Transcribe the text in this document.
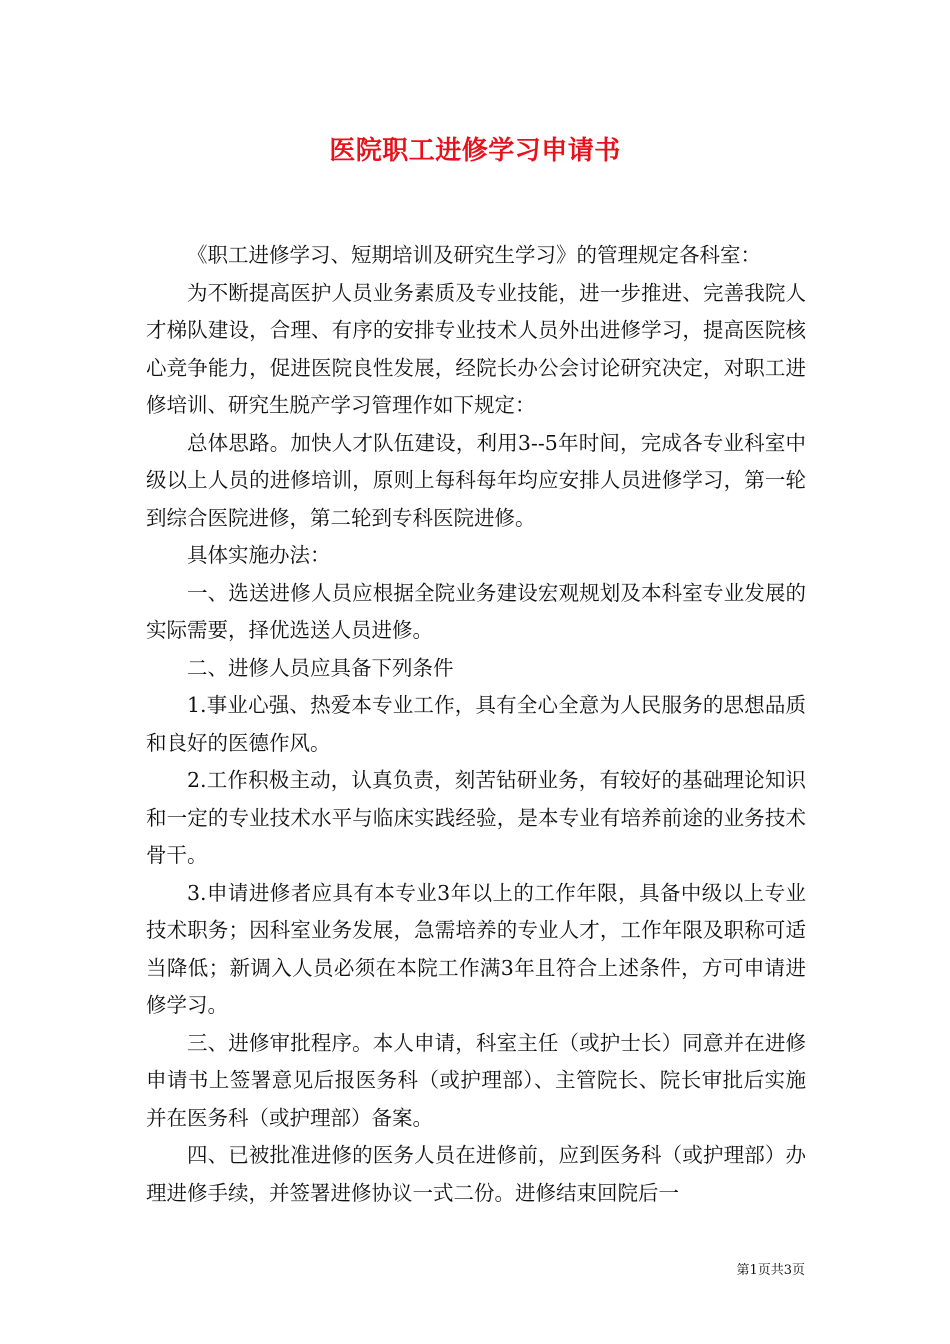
医院职工进修学习申请书

《职工进修学习、短期培训及研究生学习》的管理规定各科室：

为不断提高医护人员业务素质及专业技能，进一步推进、完善我院人才梯队建设，合理、有序的安排专业技术人员外出进修学习，提高医院核心竞争能力，促进医院良性发展，经院长办公会讨论研究决定，对职工进修培训、研究生脱产学习管理作如下规定：

总体思路。加快人才队伍建设，利用3--5年时间，完成各专业科室中级以上人员的进修培训，原则上每科每年均应安排人员进修学习，第一轮到综合医院进修，第二轮到专科医院进修。

具体实施办法：

一、选送进修人员应根据全院业务建设宏观规划及本科室专业发展的实际需要，择优选送人员进修。

二、进修人员应具备下列条件

1.事业心强、热爱本专业工作，具有全心全意为人民服务的思想品质和良好的医德作风。

2.工作积极主动，认真负责，刻苦钻研业务，有较好的基础理论知识和一定的专业技术水平与临床实践经验，是本专业有培养前途的业务技术骨干。

3.申请进修者应具有本专业3年以上的工作年限，具备中级以上专业技术职务；因科室业务发展，急需培养的专业人才，工作年限及职称可适当降低；新调入人员必须在本院工作满3年且符合上述条件，方可申请进修学习。

三、进修审批程序。本人申请，科室主任（或护士长）同意并在进修申请书上签署意见后报医务科（或护理部）、主管院长、院长审批后实施并在医务科（或护理部）备案。

四、已被批准进修的医务人员在进修前，应到医务科（或护理部）办理进修手续，并签署进修协议一式二份。进修结束回院后一

第1页共3页
